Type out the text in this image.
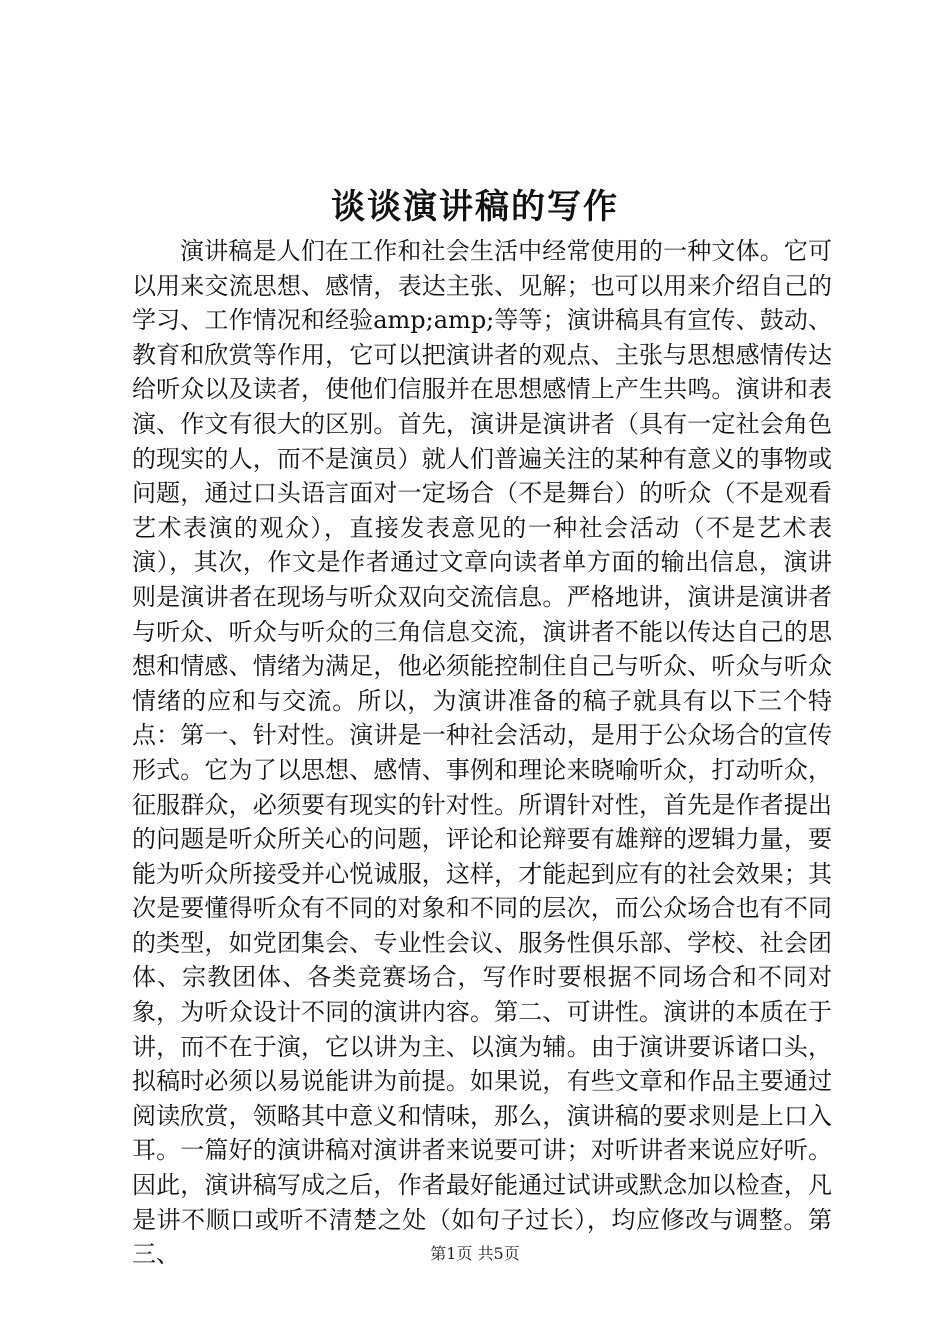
谈谈演讲稿的写作

演讲稿是人们在工作和社会生活中经常使用的一种文体。它可以用来交流思想、感情，表达主张、见解；也可以用来介绍自己的学习、工作情况和经验amp;amp;等等；演讲稿具有宣传、鼓动、教育和欣赏等作用，它可以把演讲者的观点、主张与思想感情传达给听众以及读者，使他们信服并在思想感情上产生共鸣。演讲和表演、作文有很大的区别。首先，演讲是演讲者（具有一定社会角色的现实的人，而不是演员）就人们普遍关注的某种有意义的事物或问题，通过口头语言面对一定场合（不是舞台）的听众（不是观看艺术表演的观众），直接发表意见的一种社会活动（不是艺术表演），其次，作文是作者通过文章向读者单方面的输出信息，演讲则是演讲者在现场与听众双向交流信息。严格地讲，演讲是演讲者与听众、听众与听众的三角信息交流，演讲者不能以传达自己的思想和情感、情绪为满足，他必须能控制住自己与听众、听众与听众情绪的应和与交流。所以，为演讲准备的稿子就具有以下三个特点：第一、针对性。演讲是一种社会活动，是用于公众场合的宣传形式。它为了以思想、感情、事例和理论来晓喻听众，打动听众，征服群众，必须要有现实的针对性。所谓针对性，首先是作者提出的问题是听众所关心的问题，评论和论辩要有雄辩的逻辑力量，要能为听众所接受并心悦诚服，这样，才能起到应有的社会效果；其次是要懂得听众有不同的对象和不同的层次，而公众场合也有不同的类型，如党团集会、专业性会议、服务性俱乐部、学校、社会团体、宗教团体、各类竞赛场合，写作时要根据不同场合和不同对象，为听众设计不同的演讲内容。第二、可讲性。演讲的本质在于讲，而不在于演，它以讲为主、以演为辅。由于演讲要诉诸口头，拟稿时必须以易说能讲为前提。如果说，有些文章和作品主要通过阅读欣赏，领略其中意义和情味，那么，演讲稿的要求则是上口入耳。一篇好的演讲稿对演讲者来说要可讲；对听讲者来说应好听。因此，演讲稿写成之后，作者最好能通过试讲或默念加以检查，凡是讲不顺口或听不清楚之处（如句子过长），均应修改与调整。第三、	第1页 共5页
